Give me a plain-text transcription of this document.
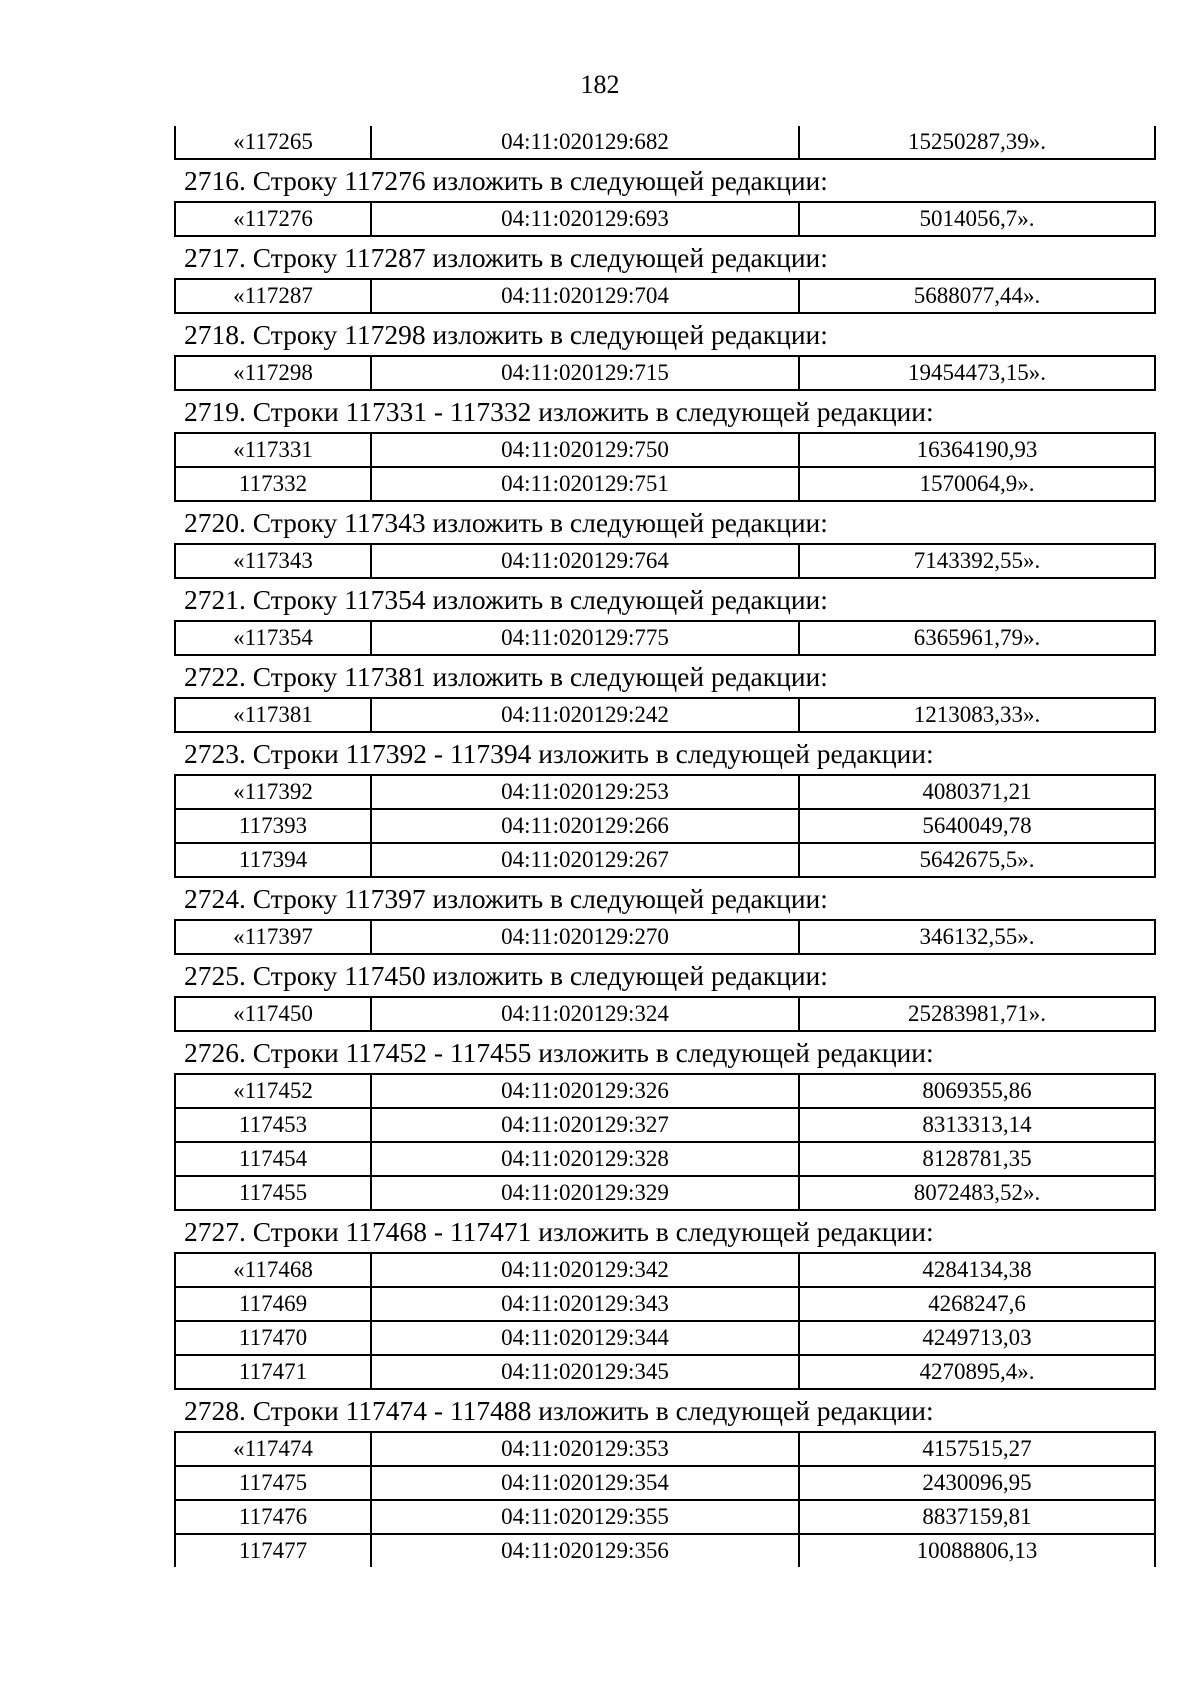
182
«117265	04:11:020129:682	15250287,39».
2716. Строку 117276 изложить в следующей редакции:
«117276	04:11:020129:693	5014056,7».
2717. Строку 117287 изложить в следующей редакции:
«117287	04:11:020129:704	5688077,44».
2718. Строку 117298 изложить в следующей редакции:
«117298	04:11:020129:715	19454473,15».
2719. Строки 117331 - 117332 изложить в следующей редакции:
«117331	04:11:020129:750	16364190,93
117332	04:11:020129:751	1570064,9».
2720. Строку 117343 изложить в следующей редакции:
«117343	04:11:020129:764	7143392,55».
2721. Строку 117354 изложить в следующей редакции:
«117354	04:11:020129:775	6365961,79».
2722. Строку 117381 изложить в следующей редакции:
«117381	04:11:020129:242	1213083,33».
2723. Строки 117392 - 117394 изложить в следующей редакции:
«117392	04:11:020129:253	4080371,21
117393	04:11:020129:266	5640049,78
117394	04:11:020129:267	5642675,5».
2724. Строку 117397 изложить в следующей редакции:
«117397	04:11:020129:270	346132,55».
2725. Строку 117450 изложить в следующей редакции:
«117450	04:11:020129:324	25283981,71».
2726. Строки 117452 - 117455 изложить в следующей редакции:
«117452	04:11:020129:326	8069355,86
117453	04:11:020129:327	8313313,14
117454	04:11:020129:328	8128781,35
117455	04:11:020129:329	8072483,52».
2727. Строки 117468 - 117471 изложить в следующей редакции:
«117468	04:11:020129:342	4284134,38
117469	04:11:020129:343	4268247,6
117470	04:11:020129:344	4249713,03
117471	04:11:020129:345	4270895,4».
2728. Строки 117474 - 117488 изложить в следующей редакции:
«117474	04:11:020129:353	4157515,27
117475	04:11:020129:354	2430096,95
117476	04:11:020129:355	8837159,81
117477	04:11:020129:356	10088806,13
